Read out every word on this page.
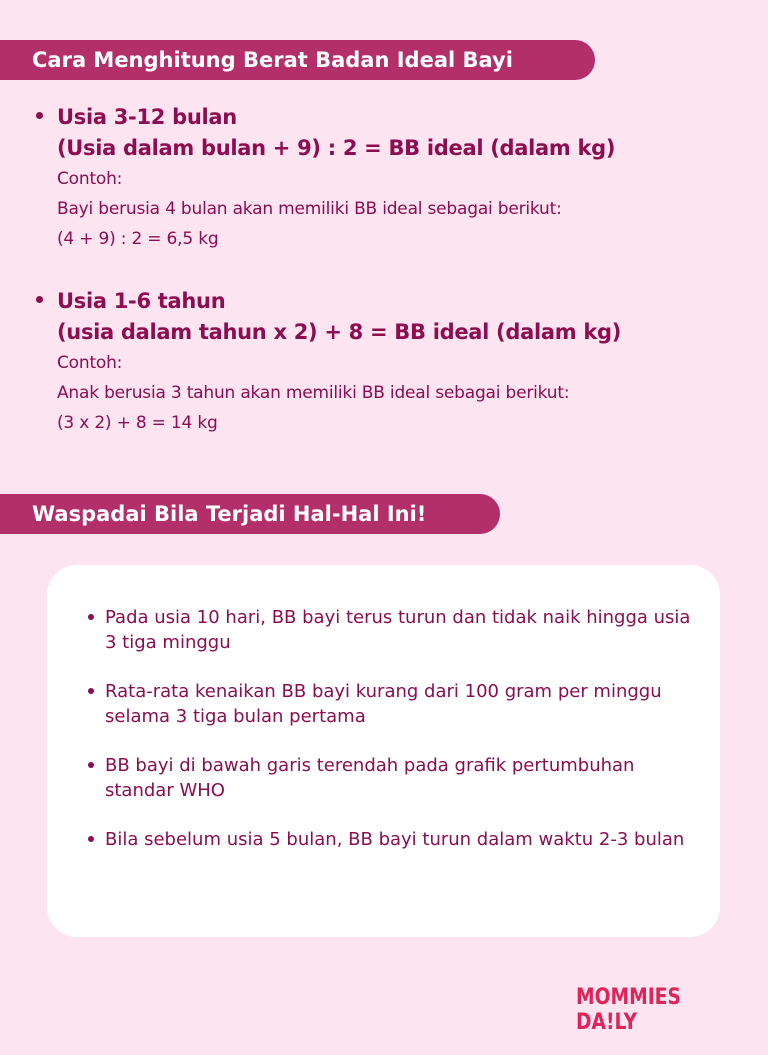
Cara Menghitung Berat Badan Ideal Bayi
Usia 3-12 bulan
(Usia dalam bulan + 9) : 2 = BB ideal (dalam kg)
Contoh:
Bayi berusia 4 bulan akan memiliki BB ideal sebagai berikut:
(4 + 9) : 2 = 6,5 kg
Usia 1-6 tahun
(usia dalam tahun x 2) + 8 = BB ideal (dalam kg)
Contoh:
Anak berusia 3 tahun akan memiliki BB ideal sebagai berikut:
(3 x 2) + 8 = 14 kg
Waspadai Bila Terjadi Hal-Hal Ini!
Pada usia 10 hari, BB bayi terus turun dan tidak naik hingga usia 3 tiga minggu
Rata-rata kenaikan BB bayi kurang dari 100 gram per minggu selama 3 tiga bulan pertama
BB bayi di bawah garis terendah pada grafik pertumbuhan standar WHO
Bila sebelum usia 5 bulan, BB bayi turun dalam waktu 2-3 bulan
MOMMIES DA!LY
